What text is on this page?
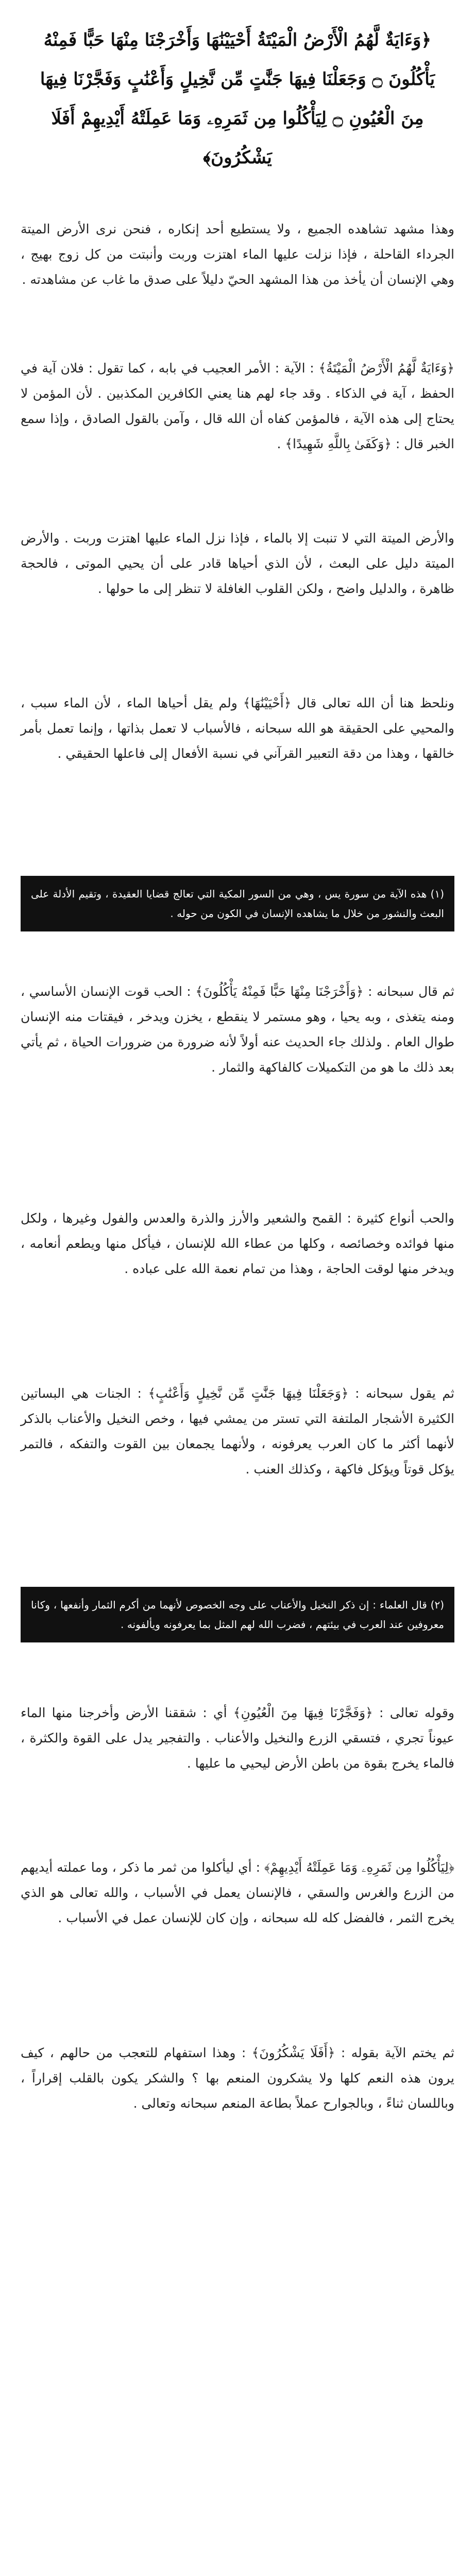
﴿وَءَايَةٌ لَّهُمُ الْأَرْضُ الْمَيْتَةُ أَحْيَيْنَٰهَا وَأَخْرَجْنَا مِنْهَا حَبًّا فَمِنْهُ يَأْكُلُونَ ۝ وَجَعَلْنَا فِيهَا جَنَّٰتٍ مِّن نَّخِيلٍ وَأَعْنَٰبٍ وَفَجَّرْنَا فِيهَا مِنَ الْعُيُونِ ۝ لِيَأْكُلُوا مِن ثَمَرِهِۦ وَمَا عَمِلَتْهُ أَيْدِيهِمْ أَفَلَا يَشْكُرُونَ﴾
وهذا مشهد تشاهده الجميع ، ولا يستطيع أحد إنكاره ، فنحن نرى الأرض الميتة الجرداء القاحلة ، فإذا نزلت عليها الماء اهتزت وربت وأنبتت من كل زوج بهيج ، وهي الإنسان أن يأخذ من هذا المشهد الحيّ دليلاً على صدق ما غاب عن مشاهدته .
﴿وَءَايَةٌ لَّهُمُ الْأَرْضُ الْمَيْتَةُ﴾ : الآية : الأمر العجيب في بابه ، كما تقول : فلان آية في الحفظ ، آية في الذكاء . وقد جاء لهم هنا يعني الكافرين المكذبين . لأن المؤمن لا يحتاج إلى هذه الآية ، فالمؤمن كفاه أن الله قال ، وآمن بالقول الصادق ، وإذا سمع الخبر قال : ﴿وَكَفَىٰ بِاللَّهِ شَهِيدًا﴾ .
والأرض الميتة التي لا تنبت إلا بالماء ، فإذا نزل الماء عليها اهتزت وربت . والأرض الميتة دليل على البعث ، لأن الذي أحياها قادر على أن يحيي الموتى ، فالحجة ظاهرة ، والدليل واضح ، ولكن القلوب الغافلة لا تنظر إلى ما حولها .
ونلحظ هنا أن الله تعالى قال ﴿أَحْيَيْنَٰهَا﴾ ولم يقل أحياها الماء ، لأن الماء سبب ، والمحيي على الحقيقة هو الله سبحانه ، فالأسباب لا تعمل بذاتها ، وإنما تعمل بأمر خالقها ، وهذا من دقة التعبير القرآني في نسبة الأفعال إلى فاعلها الحقيقي .
(١) هذه الآية من سورة يس ، وهي من السور المكية التي تعالج قضايا العقيدة ، وتقيم الأدلة على البعث والنشور من خلال ما يشاهده الإنسان في الكون من حوله .
ثم قال سبحانه : ﴿وَأَخْرَجْنَا مِنْهَا حَبًّا فَمِنْهُ يَأْكُلُونَ﴾ : الحب قوت الإنسان الأساسي ، ومنه يتغذى ، وبه يحيا ، وهو مستمر لا ينقطع ، يخزن ويدخر ، فيقتات منه الإنسان طوال العام . ولذلك جاء الحديث عنه أولاً لأنه ضرورة من ضرورات الحياة ، ثم يأتي بعد ذلك ما هو من التكميلات كالفاكهة والثمار .
والحب أنواع كثيرة : القمح والشعير والأرز والذرة والعدس والفول وغيرها ، ولكل منها فوائده وخصائصه ، وكلها من عطاء الله للإنسان ، فيأكل منها ويطعم أنعامه ، ويدخر منها لوقت الحاجة ، وهذا من تمام نعمة الله على عباده .
ثم يقول سبحانه : ﴿وَجَعَلْنَا فِيهَا جَنَّٰتٍ مِّن نَّخِيلٍ وَأَعْنَٰبٍ﴾ : الجنات هي البساتين الكثيرة الأشجار الملتفة التي تستر من يمشي فيها ، وخص النخيل والأعناب بالذكر لأنهما أكثر ما كان العرب يعرفونه ، ولأنهما يجمعان بين القوت والتفكه ، فالتمر يؤكل قوتاً ويؤكل فاكهة ، وكذلك العنب .
(٢) قال العلماء : إن ذكر النخيل والأعناب على وجه الخصوص لأنهما من أكرم الثمار وأنفعها ، وكانا معروفين عند العرب في بيئتهم ، فضرب الله لهم المثل بما يعرفونه ويألفونه .
وقوله تعالى : ﴿وَفَجَّرْنَا فِيهَا مِنَ الْعُيُونِ﴾ أي : شققنا الأرض وأخرجنا منها الماء عيوناً تجري ، فتسقي الزرع والنخيل والأعناب . والتفجير يدل على القوة والكثرة ، فالماء يخرج بقوة من باطن الأرض ليحيي ما عليها .
﴿لِيَأْكُلُوا مِن ثَمَرِهِۦ وَمَا عَمِلَتْهُ أَيْدِيهِمْ﴾ : أي ليأكلوا من ثمر ما ذكر ، وما عملته أيديهم من الزرع والغرس والسقي ، فالإنسان يعمل في الأسباب ، والله تعالى هو الذي يخرج الثمر ، فالفضل كله لله سبحانه ، وإن كان للإنسان عمل في الأسباب .
ثم يختم الآية بقوله : ﴿أَفَلَا يَشْكُرُونَ﴾ : وهذا استفهام للتعجب من حالهم ، كيف يرون هذه النعم كلها ولا يشكرون المنعم بها ؟ والشكر يكون بالقلب إقراراً ، وباللسان ثناءً ، وبالجوارح عملاً بطاعة المنعم سبحانه وتعالى .
